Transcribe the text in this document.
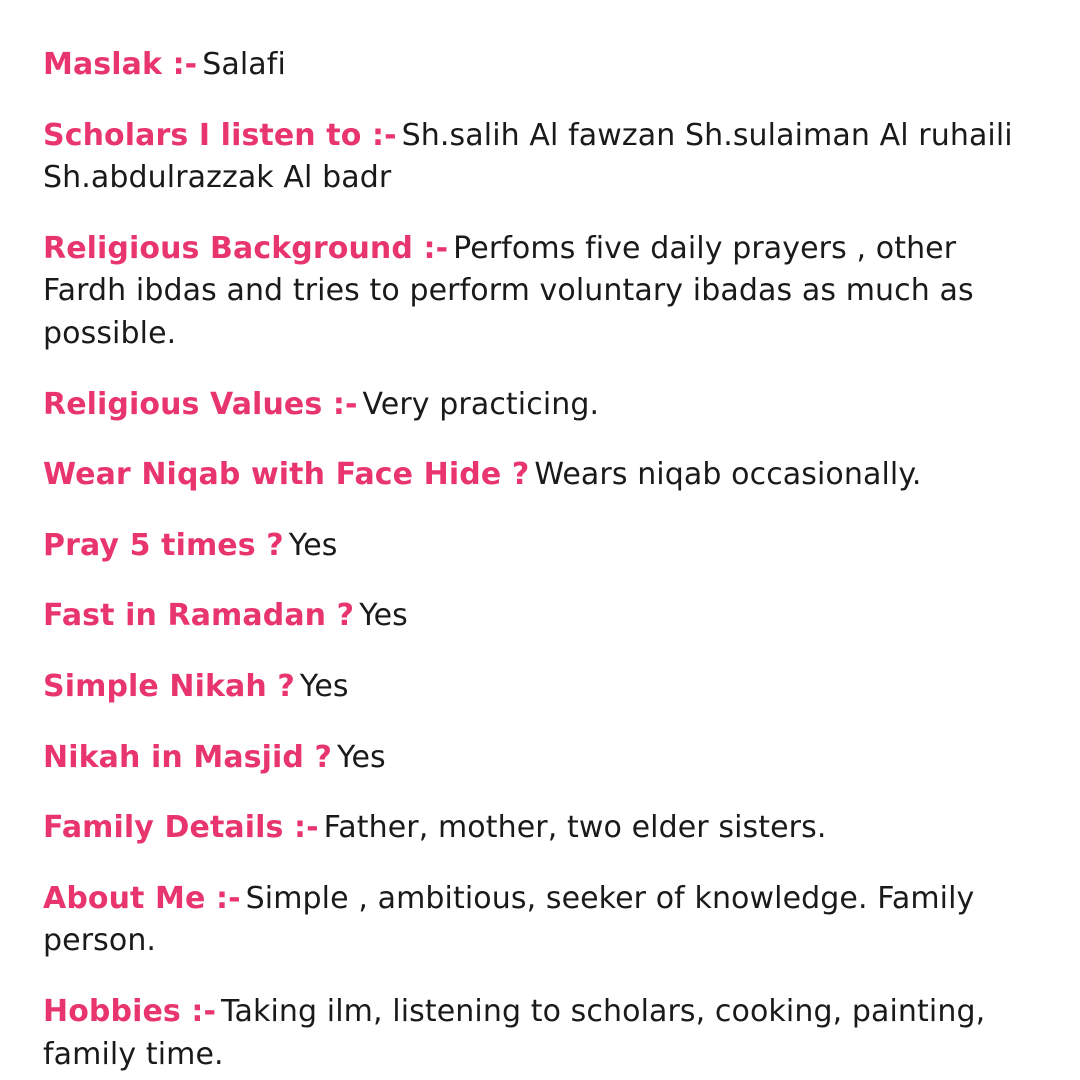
Maslak :- Salafi

Scholars I listen to :- Sh.salih Al fawzan Sh.sulaiman Al ruhaili Sh.abdulrazzak Al badr

Religious Background :- Perfoms five daily prayers , other Fardh ibdas and tries to perform voluntary ibadas as much as possible.

Religious Values :- Very practicing.

Wear Niqab with Face Hide ? Wears niqab occasionally.

Pray 5 times ? Yes

Fast in Ramadan ? Yes

Simple Nikah ? Yes

Nikah in Masjid ? Yes

Family Details :- Father, mother, two elder sisters.

About Me :- Simple , ambitious, seeker of knowledge. Family person.

Hobbies :- Taking ilm, listening to scholars, cooking, painting, family time.
